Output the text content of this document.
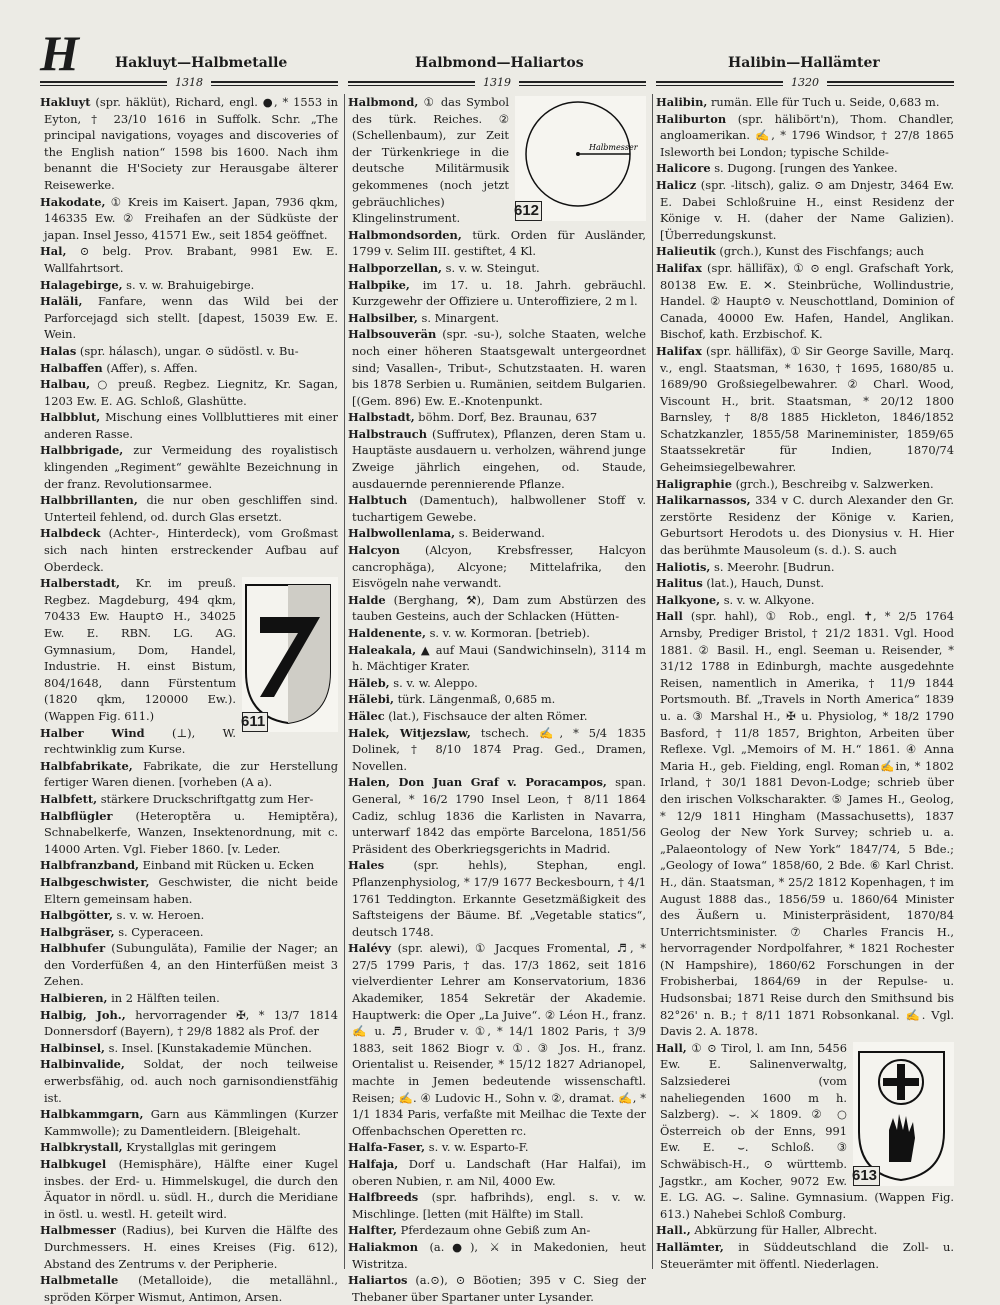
H	Hakluyt—Halbmetalle	Halbmond—Haliartos	Halibin—Hallämter
1318	1319	1320

Hakluyt (spr. häklüt), Richard, engl. ●, * 1553 in Eyton, † 23/10 1616 in Suffolk. Schr. „The principal navigations, voyages and discoveries of the English nation“ 1598 bis 1600. Nach ihm benannt die H'Society zur Herausgabe älterer Reisewerke.

Hakodate, ① Kreis im Kaisert. Japan, 7936 qkm, 146335 Ew. ② Freihafen an der Südküste der japan. Insel Jesso, 41571 Ew., seit 1854 geöffnet.

Hal, ⊙ belg. Prov. Brabant, 9981 Ew. E. Wallfahrtsort.

Halagebirge, s. v. w. Brahuigebirge.

Haläli, Fanfare, wenn das Wild bei der Parforcejagd sich stellt. [dapest, 15039 Ew. E. Wein.

Halas (spr. hálasch), ungar. ⊙ südöstl. v. Bu-

Halbaffen (Affer), s. Affen.

Halbau, ○ preuß. Regbez. Liegnitz, Kr. Sagan, 1203 Ew. E. AG. Schloß, Glashütte.

Halbblut, Mischung eines Vollbluttieres mit einer anderen Rasse.

Halbbrigade, zur Vermeidung des royalistisch klingenden „Regiment“ gewählte Bezeichnung in der franz. Revolutionsarmee.

Halbbrillanten, die nur oben geschliffen sind. Unterteil fehlend, od. durch Glas ersetzt.

Halbdeck (Achter-, Hinterdeck), vom Großmast sich nach hinten erstreckender Aufbau auf Oberdeck.

611
Halberstadt, Kr. im preuß. Regbez. Magdeburg, 494 qkm, 70433 Ew. Haupt⊙ H., 34025 Ew. E. RBN. LG. AG. Gymnasium, Dom, Handel, Industrie. H. einst Bistum, 804/1648, dann Fürstentum (1820 qkm, 120000 Ew.). (Wappen Fig. 611.)

Halber Wind (⊥), W. rechtwinklig zum Kurse.

Halbfabrikate, Fabrikate, die zur Herstellung fertiger Waren dienen. [vorheben (A a).

Halbfett, stärkere Druckschriftgattg zum Her-

Halbflügler (Heteroptĕra u. Hemiptĕra), Schnabelkerfe, Wanzen, Insektenordnung, mit c. 14000 Arten. Vgl. Fieber 1860. [v. Leder.

Halbfranzband, Einband mit Rücken u. Ecken

Halbgeschwister, Geschwister, die nicht beide Eltern gemeinsam haben.

Halbgötter, s. v. w. Heroen.

Halbgräser, s. Cyperaceen.

Halbhufer (Subungulăta), Familie der Nager; an den Vorderfüßen 4, an den Hinterfüßen meist 3 Zehen.

Halbieren, in 2 Hälften teilen.

Halbig, Joh., hervorragender ✠, * 13/7 1814 Donnersdorf (Bayern), † 29/8 1882 als Prof. der

Halbinsel, s. Insel. [Kunstakademie München.

Halbinvalide, Soldat, der noch teilweise erwerbsfähig, od. auch noch garnisondienstfähig ist.

Halbkammgarn, Garn aus Kämmlingen (Kurzer Kammwolle); zu Damentleidern. [Bleigehalt.

Halbkrystall, Krystallglas mit geringem

Halbkugel (Hemisphäre), Hälfte einer Kugel insbes. der Erd- u. Himmelskugel, die durch den Äquator in nördl. u. südl. H., durch die Meridiane in östl. u. westl. H. geteilt wird.

Halbmesser (Radius), bei Kurven die Hälfte des Durchmessers. H. eines Kreises (Fig. 612), Abstand des Zentrums v. der Peripherie.

Halbmetalle (Metalloide), die metallähnl., spröden Körper Wismut, Antimon, Arsen.

Halbmesser
612
Halbmond, ① das Symbol des türk. Reiches. ② (Schellenbaum), zur Zeit der Türkenkriege in die deutsche Militärmusik gekommenes (noch jetzt gebräuchliches) Klingelinstrument.

Halbmondsorden, türk. Orden für Ausländer, 1799 v. Selim III. gestiftet, 4 Kl.

Halbporzellan, s. v. w. Steingut.

Halbpike, im 17. u. 18. Jahrh. gebräuchl. Kurzgewehr der Offiziere u. Unteroffiziere, 2 m l.

Halbsilber, s. Minargent.

Halbsouverän (spr. -su-), solche Staaten, welche noch einer höheren Staatsgewalt untergeordnet sind; Vasallen-, Tribut-, Schutzstaaten. H. waren bis 1878 Serbien u. Rumänien, seitdem Bulgarien. [(Gem. 896) Ew. E.-Knotenpunkt.

Halbstadt, böhm. Dorf, Bez. Braunau, 637

Halbstrauch (Suffrutex), Pflanzen, deren Stam u. Hauptäste ausdauern u. verholzen, während junge Zweige jährlich eingehen, od. Staude, ausdauernde perennierende Pflanze.

Halbtuch (Damentuch), halbwollener Stoff v. tuchartigem Gewebe.

Halbwollenlama, s. Beiderwand.

Halcyon (Alcyon, Krebsfresser, Halcyon cancrophăga), Alcyone; Mittelafrika, den Eisvögeln nahe verwandt.

Halde (Berghang, ⚒), Dam zum Abstürzen des tauben Gesteins, auch der Schlacken (Hütten-

Haldenente, s. v. w. Kormoran. [betrieb).

Haleakala, ▲ auf Maui (Sandwichinseln), 3114 m h. Mächtiger Krater.

Häleb, s. v. w. Aleppo.

Hälebi, türk. Längenmaß, 0,685 m.

Hälec (lat.), Fischsauce der alten Römer.

Halek, Witjezslaw, tschech. ✍, * 5/4 1835 Dolinek, † 8/10 1874 Prag. Ged., Dramen, Novellen.

Halen, Don Juan Graf v. Poracampos, span. General, * 16/2 1790 Insel Leon, † 8/11 1864 Cadiz, schlug 1836 die Karlisten in Navarra, unterwarf 1842 das empörte Barcelona, 1851/56 Präsident des Oberkriegsgerichts in Madrid.

Hales (spr. hehls), Stephan, engl. Pflanzenphysiolog, * 17/9 1677 Beckesbourn, † 4/1 1761 Teddington. Erkannte Gesetzmäßigkeit des Saftsteigens der Bäume. Bf. „Vegetable statics“, deutsch 1748.

Halévy (spr. alewi), ① Jacques Fromental, ♬, * 27/5 1799 Paris, † das. 17/3 1862, seit 1816 vielverdienter Lehrer am Konservatorium, 1836 Akademiker, 1854 Sekretär der Akademie. Hauptwerk: die Oper „La Juive“. ② Léon H., franz. ✍ u. ♬, Bruder v. ①, * 14/1 1802 Paris, † 3/9 1883, seit 1862 Biogr v. ①. ③ Jos. H., franz. Orientalist u. Reisender, * 15/12 1827 Adrianopel, machte in Jemen bedeutende wissenschaftl. Reisen; ✍. ④ Ludovic H., Sohn v. ②, dramat. ✍, * 1/1 1834 Paris, verfaßte mit Meilhac die Texte der Offenbachschen Operetten rc.

Halfa-Faser, s. v. w. Esparto-F.

Halfaja, Dorf u. Landschaft (Har Halfai), im oberen Nubien, r. am Nil, 4000 Ew.

Halfbreeds (spr. hafbrihds), engl. s. v. w. Mischlinge. [letten (mit Hälfte) im Stall.

Halfter, Pferdezaum ohne Gebiß zum An-

Haliakmon (a.●), ⚔ in Makedonien, heut Wistritza.

Haliartos (a.⊙), ⊙ Böotien; 395 v C. Sieg der Thebaner über Spartaner unter Lysander.

Halibin, rumän. Elle für Tuch u. Seide, 0,683 m.

Haliburton (spr. hälibört'n), Thom. Chandler, angloamerikan. ✍, * 1796 Windsor, † 27/8 1865 Isleworth bei London; typische Schilde-

Halicore s. Dugong. [rungen des Yankee.

Halicz (spr. -litsch), galiz. ⊙ am Dnjestr, 3464 Ew. E. Dabei Schloßruine H., einst Residenz der Könige v. H. (daher der Name Galizien). [Überredungskunst.

Halieutik (grch.), Kunst des Fischfangs; auch

Halifax (spr. hällifäx), ① ⊙ engl. Grafschaft York, 80138 Ew. E. ✕. Steinbrüche, Wollindustrie, Handel. ② Haupt⊙ v. Neuschottland, Dominion of Canada, 40000 Ew. Hafen, Handel, Anglikan. Bischof, kath. Erzbischof. K.

Halifax (spr. hällifäx), ① Sir George Saville, Marq. v., engl. Staatsman, * 1630, † 1695, 1680/85 u. 1689/90 Großsiegelbewahrer. ② Charl. Wood, Viscount H., brit. Staatsman, * 20/12 1800 Barnsley, † 8/8 1885 Hickleton, 1846/1852 Schatzkanzler, 1855/58 Marineminister, 1859/65 Staatssekretär für Indien, 1870/74 Geheimsiegelbewahrer.

Haligraphie (grch.), Beschreibg v. Salzwerken.

Halikarnassos, 334 v C. durch Alexander den Gr. zerstörte Residenz der Könige v. Karien, Geburtsort Herodots u. des Dionysius v. H. Hier das berühmte Mausoleum (s. d.). S. auch

Haliotis, s. Meerohr. [Budrun.

Halitus (lat.), Hauch, Dunst.

Halkyone, s. v. w. Alkyone.

Hall (spr. hahl), ① Rob., engl. ✝, * 2/5 1764 Arnsby, Prediger Bristol, † 21/2 1831. Vgl. Hood 1881. ② Basil. H., engl. Seeman u. Reisender, * 31/12 1788 in Edinburgh, machte ausgedehnte Reisen, namentlich in Amerika, † 11/9 1844 Portsmouth. Bf. „Travels in North America“ 1839 u. a. ③ Marshal H., ✠ u. Physiolog, * 18/2 1790 Basford, † 11/8 1857, Brighton, Arbeiten über Reflexe. Vgl. „Memoirs of M. H.“ 1861. ④ Anna Maria H., geb. Fielding, engl. Roman✍in, * 1802 Irland, † 30/1 1881 Devon-Lodge; schrieb über den irischen Volkscharakter. ⑤ James H., Geolog, * 12/9 1811 Hingham (Massachusetts), 1837 Geolog der New York Survey; schrieb u. a. „Palaeontology of New York“ 1847/74, 5 Bde.; „Geology of Iowa“ 1858/60, 2 Bde. ⑥ Karl Christ. H., dän. Staatsman, * 25/2 1812 Kopenhagen, † im August 1888 das., 1856/59 u. 1860/64 Minister des Äußern u. Ministerpräsident, 1870/84 Unterrichtsminister. ⑦ Charles Francis H., hervorragender Nordpolfahrer, * 1821 Rochester (N Hampshire), 1860/62 Forschungen in der Frobisherbai, 1864/69 in der Repulse- u. Hudsonsbai; 1871 Reise durch den Smithsund bis 82°26' n. B.; † 8/11 1871 Robsonkanal. ✍. Vgl. Davis 2. A. 1878.

613
Hall, ① ⊙ Tirol, l. am Inn, 5456 Ew. E. Salinenverwaltg, Salzsiederei (vom naheliegenden 1600 m h. Salzberg). ⌣. ⚔ 1809. ② ○ Österreich ob der Enns, 991 Ew. E. ⌣. Schloß. ③ Schwäbisch-H., ⊙ württemb. Jagstkr., am Kocher, 9072 Ew. E. LG. AG. ⌣. Saline. Gymnasium. (Wappen Fig. 613.) Nahebei Schloß Comburg.

Hall., Abkürzung für Haller, Albrecht.

Hallämter, in Süddeutschland die Zoll- u. Steuerämter mit öffentl. Niederlagen.
